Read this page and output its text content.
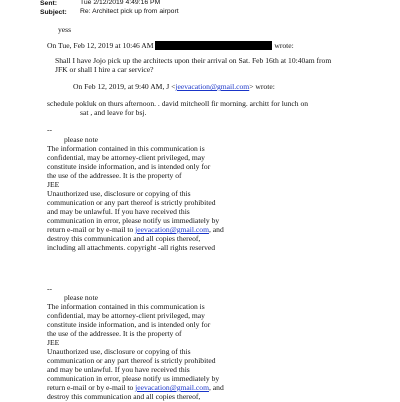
Sent:	Tue 2/12/2019 4:49:16 PM
Subject: Re: Architect pick up from airport
yess
On Tue, Feb 12, 2019 at 10:46 AM	wrote:
Shall I have Jojo pick up the architects upon their arrival on Sat. Feb 16th at 10:40am from
JFK or shall I hire a car service?
On Feb 12, 2019, at 9:40 AM, J <jeevacation@gmail.com> wrote:
schedule pokluk on thurs afternoon. . david mitcheoll fir morning. architt for lunch on
sat , and leave for bsj.
--
please note
The information contained in this communication is
confidential, may be attorney-client privileged, may
constitute inside information, and is intended only for
the use of the addressee. It is the property of
JEE
Unauthorized use, disclosure or copying of this
communication or any part thereof is strictly prohibited
and may be unlawful. If you have received this
communication in error, please notify us immediately by
return e-mail or by e-mail to jeevacation@gmail.com, and
destroy this communication and all copies thereof,
including all attachments. copyright -all rights reserved
--
please note
The information contained in this communication is
confidential, may be attorney-client privileged, may
constitute inside information, and is intended only for
the use of the addressee. It is the property of
JEE
Unauthorized use, disclosure or copying of this
communication or any part thereof is strictly prohibited
and may be unlawful. If you have received this
communication in error, please notify us immediately by
return e-mail or by e-mail to jeevacation@gmail.com, and
destroy this communication and all copies thereof,
